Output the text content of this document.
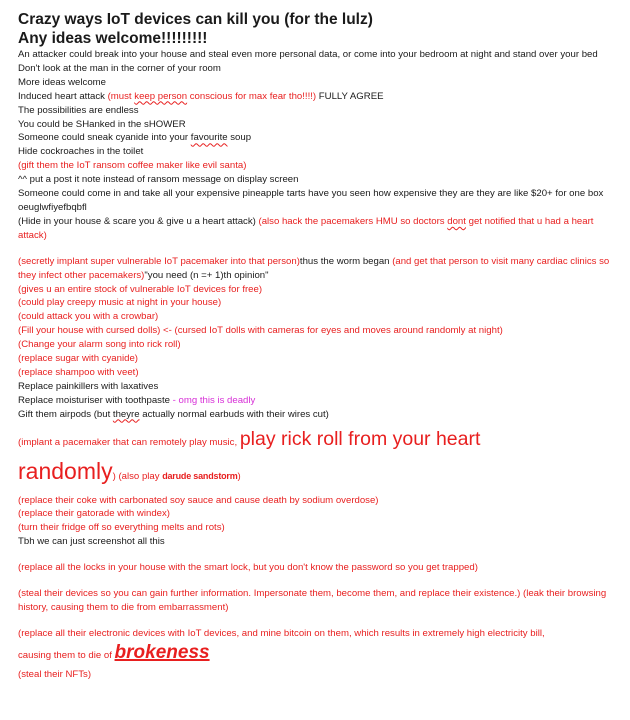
Crazy ways IoT devices can kill you (for the lulz)

Any ideas welcome!!!!!!!!!

An attacker could break into your house and steal even more personal data, or come into your bedroom at night and stand over your bed

Don't look at the man in the corner of your room

More ideas welcome

Induced heart attack (must keep person conscious for max fear tho!!!!) FULLY AGREE

The possibilities are endless

You could be SHanked in the sHOWER

Someone could sneak cyanide into your favourite soup

Hide cockroaches in the toilet

(gift them the IoT ransom coffee maker like evil santa)

^^ put a post it note instead of ransom message on display screen

Someone could come in and take all your expensive pineapple tarts have you seen how expensive they are they are like $20+ for one box oeuglwfiyefbqbfl

(Hide in your house & scare you & give u a heart attack) (also hack the pacemakers HMU so doctors dont get notified that u had a heart attack)

(secretly implant super vulnerable IoT pacemaker into that person)thus the worm began (and get that person to visit many cardiac clinics so they infect other pacemakers)"you need (n =+ 1)th opinion"

(gives u an entire stock of vulnerable IoT devices for free)

(could play creepy music at night in your house)

(could attack you with a crowbar)

(Fill your house with cursed dolls) <- (cursed IoT dolls with cameras for eyes and moves around randomly at night)

(Change your alarm song into rick roll)

(replace sugar with cyanide)

(replace shampoo with veet)

Replace painkillers with laxatives

Replace moisturiser with toothpaste - omg this is deadly

Gift them airpods (but theyre actually normal earbuds with their wires cut)

(implant a pacemaker that can remotely play music, play rick roll from your heart

randomly) (also play darude sandstorm)

(replace their coke with carbonated soy sauce and cause death by sodium overdose)

(replace their gatorade with windex)

(turn their fridge off so everything melts and rots)

Tbh we can just screenshot all this

(replace all the locks in your house with the smart lock, but you don't know the password so you get trapped)

(steal their devices so you can gain further information. Impersonate them, become them, and replace their existence.) (leak their browsing history, causing them to die from embarrassment)

(replace all their electronic devices with IoT devices, and mine bitcoin on them, which results in extremely high electricity bill,

causing them to die of brokeness

(steal their NFTs)
